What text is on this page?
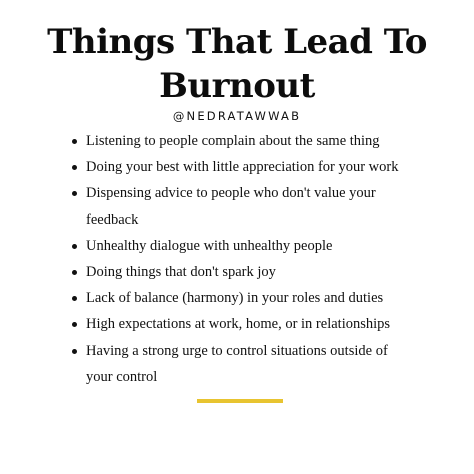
Things That Lead To
Burnout
@NEDRATAWWAB
Listening to people complain about the same thing
Doing your best with little appreciation for your work
Dispensing advice to people who don't value your feedback
Unhealthy dialogue with unhealthy people
Doing things that don't spark joy
Lack of balance (harmony) in your roles and duties
High expectations at work, home, or in relationships
Having a strong urge to control situations outside of your control
